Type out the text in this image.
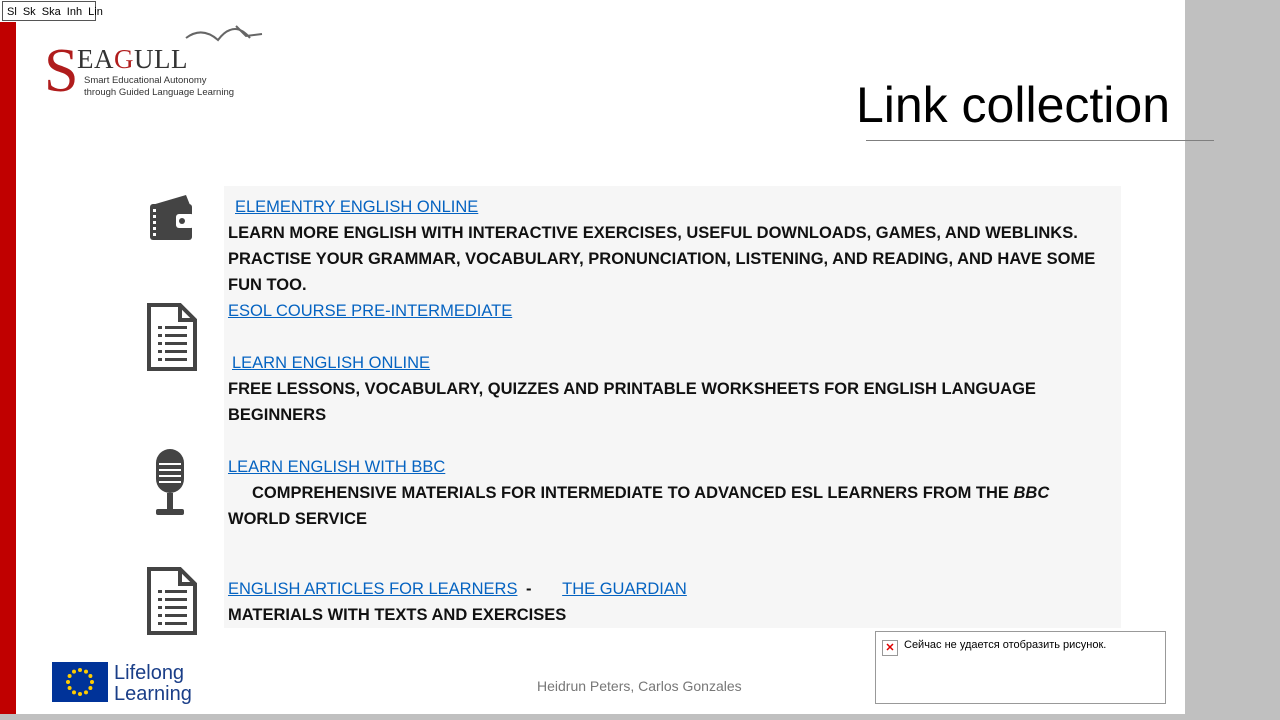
Sl Sk Ska Inh Lin
S
EAGULL
Smart Educational Autonomy
through Guided Language Learning	Link collection

ELEMENTRY ENGLISH ONLINE

LEARN MORE ENGLISH WITH INTERACTIVE EXERCISES, USEFUL DOWNLOADS, GAMES, AND WEBLINKS. PRACTISE YOUR GRAMMAR, VOCABULARY, PRONUNCIATION, LISTENING, AND READING, AND HAVE SOME FUN TOO.

ESOL COURSE PRE-INTERMEDIATE

LEARN ENGLISH ONLINE

FREE LESSONS, VOCABULARY, QUIZZES AND PRINTABLE WORKSHEETS FOR ENGLISH LANGUAGE BEGINNERS

LEARN ENGLISH WITH BBC

COMPREHENSIVE MATERIALS FOR INTERMEDIATE TO ADVANCED ESL LEARNERS FROM THE BBC

WORLD SERVICE

ENGLISH ARTICLES FOR LEARNERS - THE GUARDIAN

MATERIALS WITH TEXTS AND EXERCISES

Lifelong
Learning	Heidrun Peters, Carlos Gonzales
✕ Сейчас не удается отобразить рисунок.
